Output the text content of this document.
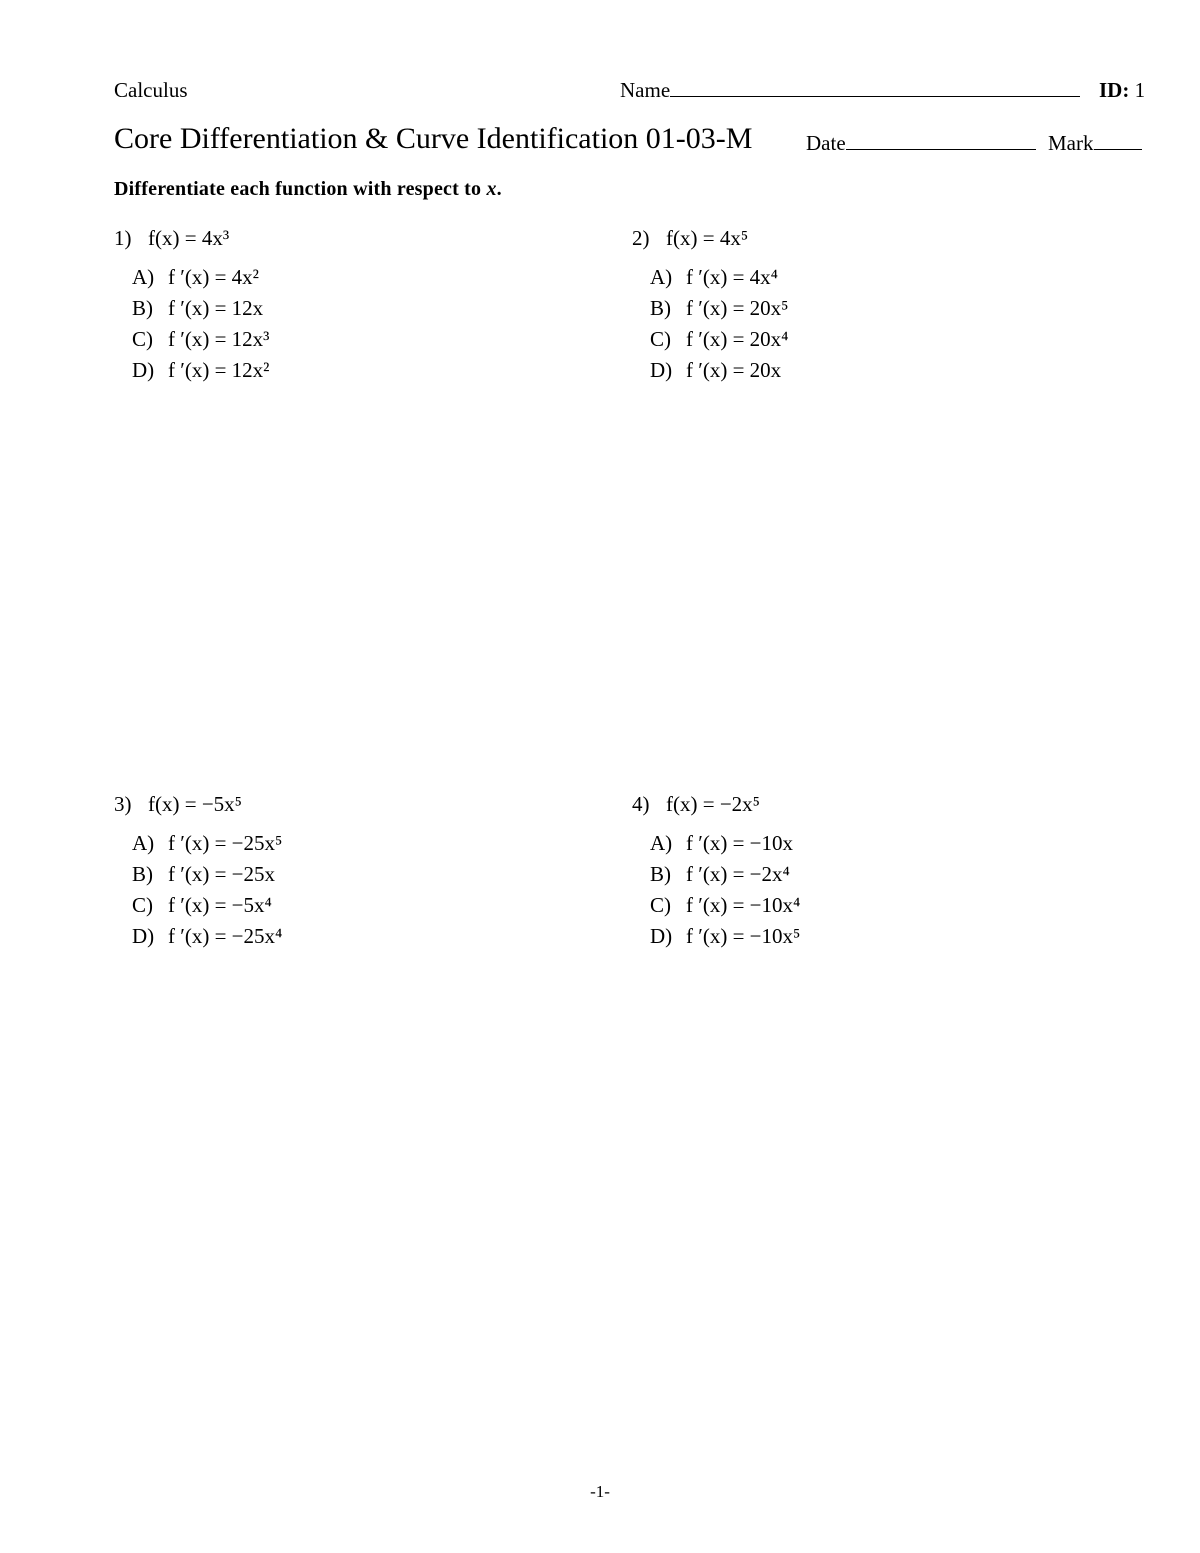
Calculus	Name	ID: 1
Core Differentiation & Curve Identification 01-03-M	Date	Mark
Differentiate each function with respect to x.
1) f(x) = 4x³
A) f ′(x) = 4x²
B) f ′(x) = 12x
C) f ′(x) = 12x³
D) f ′(x) = 12x²
2) f(x) = 4x⁵
A) f ′(x) = 4x⁴
B) f ′(x) = 20x⁵
C) f ′(x) = 20x⁴
D) f ′(x) = 20x
3) f(x) = −5x⁵
A) f ′(x) = −25x⁵
B) f ′(x) = −25x
C) f ′(x) = −5x⁴
D) f ′(x) = −25x⁴
4) f(x) = −2x⁵
A) f ′(x) = −10x
B) f ′(x) = −2x⁴
C) f ′(x) = −10x⁴
D) f ′(x) = −10x⁵
-1-
